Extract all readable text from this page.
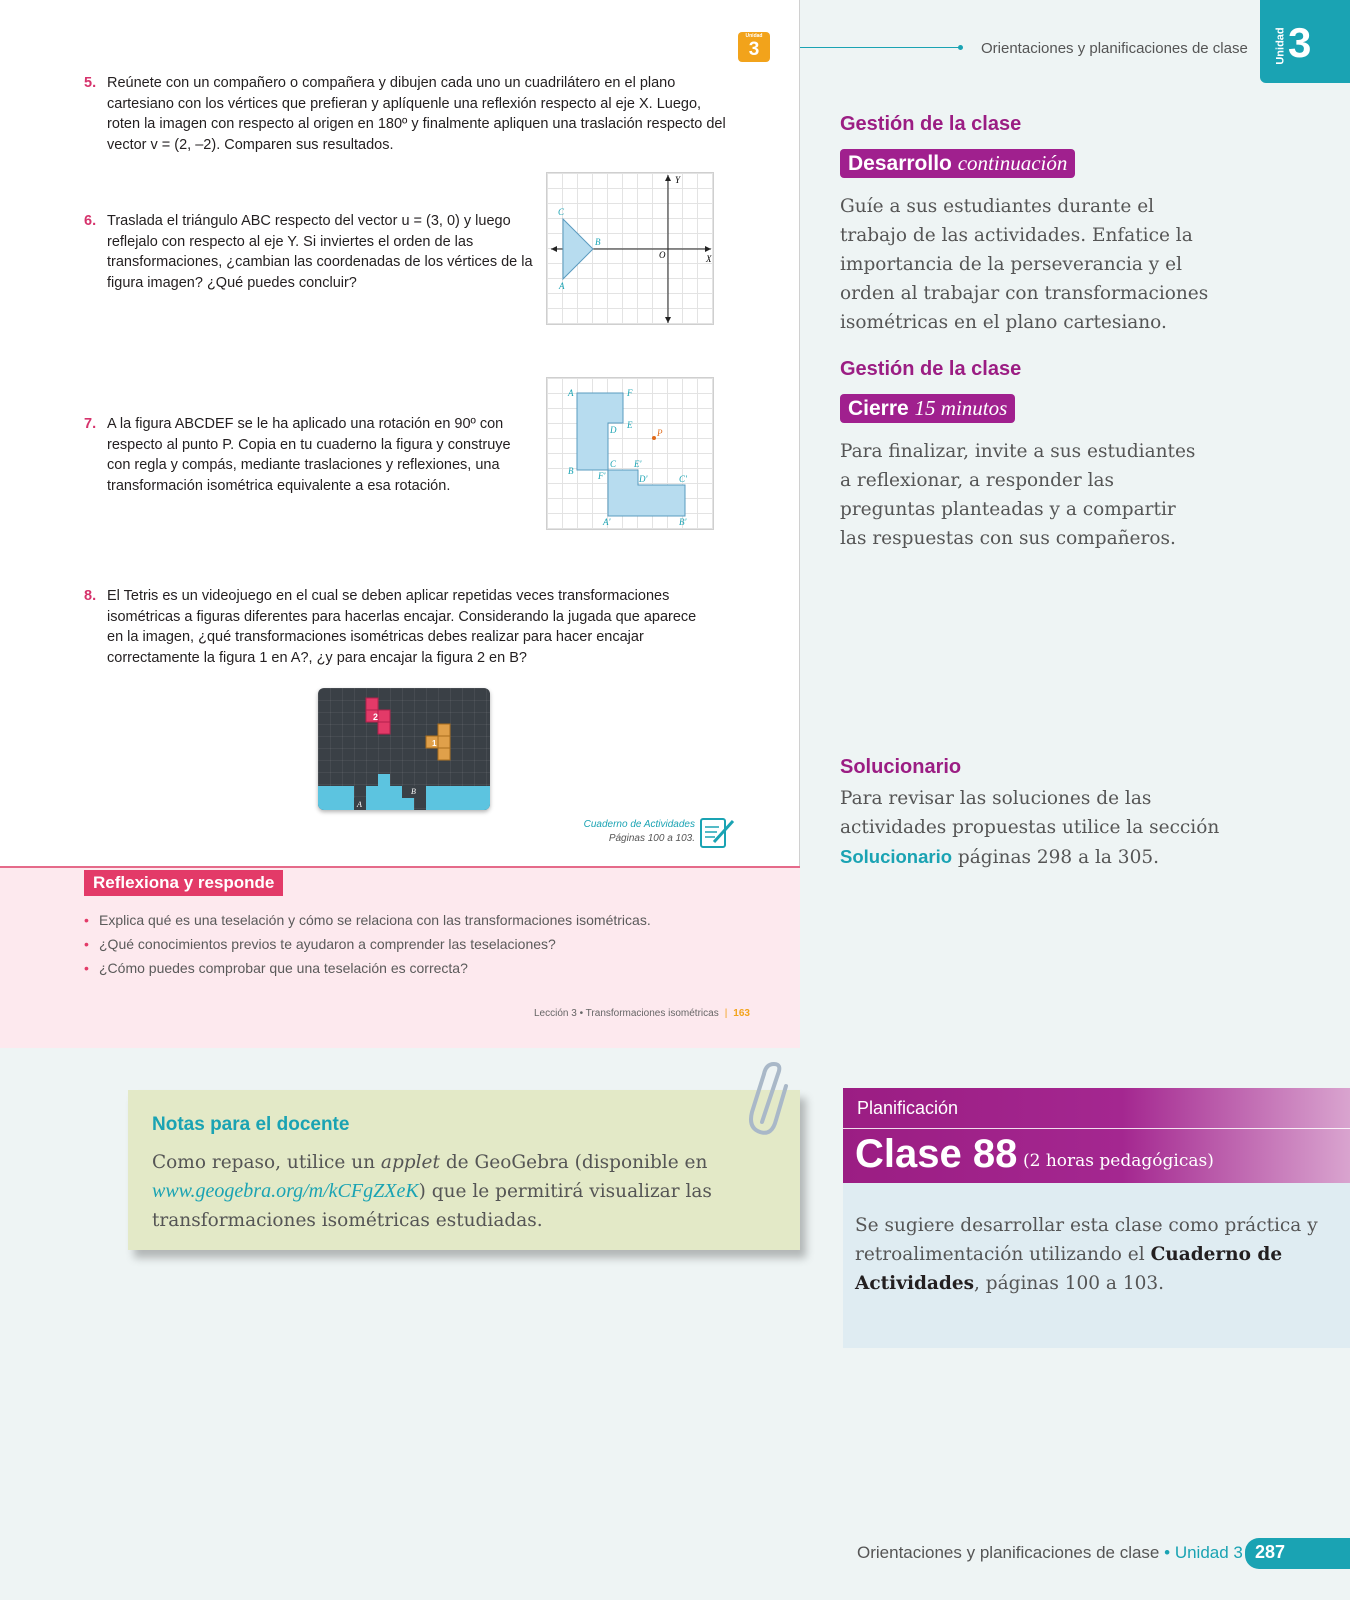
Unidad
3
5. Reúnete con un compañero o compañera y dibujen cada uno un cuadrilátero en el plano cartesiano con los vértices que prefieran y aplíquenle una reflexión respecto al eje X. Luego, roten la imagen con respecto al origen en 180º y finalmente apliquen una traslación respecto del vector v = (2, –2). Comparen sus resultados.
6. Traslada el triángulo ABC respecto del vector u = (3, 0) y luego reflejalo con respecto al eje Y. Si inviertes el orden de las transformaciones, ¿cambian las coordenadas de los vértices de la figura imagen? ¿Qué puedes concluir?
7. A la figura ABCDEF se le ha aplicado una rotación en 90º con respecto al punto P. Copia en tu cuaderno la figura y construye con regla y compás, mediante traslaciones y reflexiones, una transformación isométrica equivalente a esa rotación.
8. El Tetris es un videojuego en el cual se deben aplicar repetidas veces transformaciones isométricas a figuras diferentes para hacerlas encajar. Considerando la jugada que aparece en la imagen, ¿qué transformaciones isométricas debes realizar para hacer encajar correctamente la figura 1 en A?, ¿y para encajar la figura 2 en B?
Y
X
O
A
B
C
A	F
D E
P
B
C
F'
E'
D'	C'
A'	B'
2
1
A
B
Cuaderno de Actividades
Páginas 100 a 103.
Reflexiona y responde
• Explica qué es una teselación y cómo se relaciona con las transformaciones isométricas.
• ¿Qué conocimientos previos te ayudaron a comprender las teselaciones?
• ¿Cómo puedes comprobar que una teselación es correcta?
Lección 3 • Transformaciones isométricas | 163
Orientaciones y planificaciones de clase Unidad 3
Gestión de la clase
Desarrollo continuación
Guíe a sus estudiantes durante el trabajo de las actividades. Enfatice la importancia de la perseverancia y el orden al trabajar con transformaciones isométricas en el plano cartesiano.
Gestión de la clase
Cierre 15 minutos
Para finalizar, invite a sus estudiantes a reflexionar, a responder las preguntas planteadas y a compartir las respuestas con sus compañeros.
Solucionario
Para revisar las soluciones de las actividades propuestas utilice la sección Solucionario páginas 298 a la 305.
Notas para el docente
Como repaso, utilice un applet de GeoGebra (disponible en www.geogebra.org/m/kCFgZXeK) que le permitirá visualizar las transformaciones isométricas estudiadas.
Planificación
Clase 88 (2 horas pedagógicas)
Se sugiere desarrollar esta clase como práctica y retroalimentación utilizando el Cuaderno de Actividades, páginas 100 a 103.
Orientaciones y planificaciones de clase • Unidad 3 287
